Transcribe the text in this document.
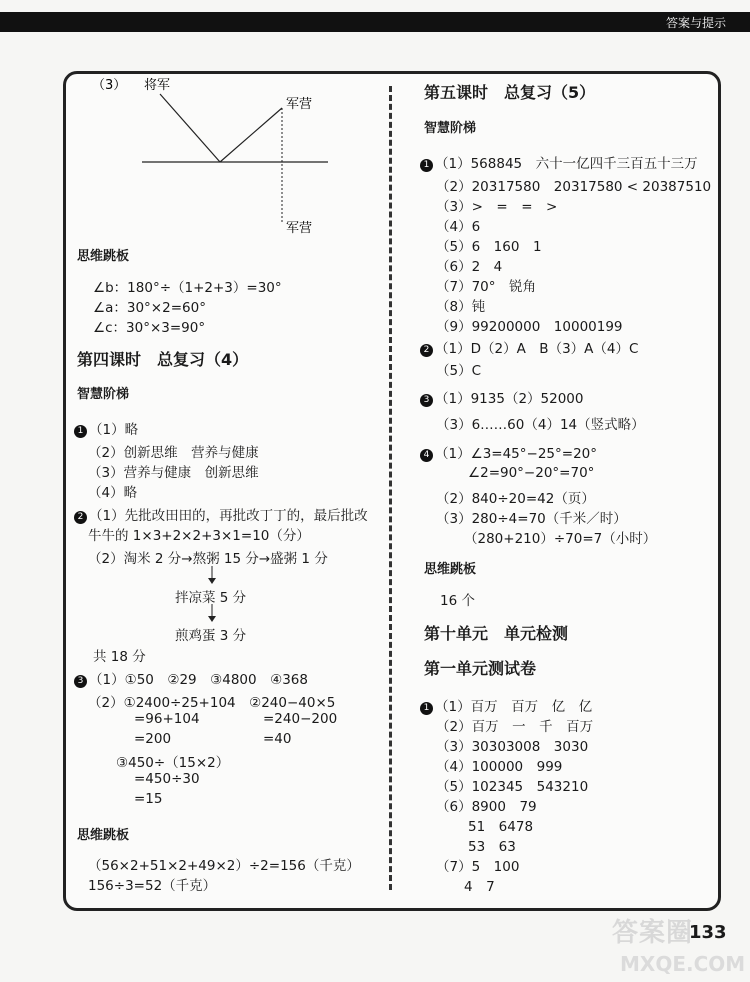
答案与提示
（3） 将军
军营
军营
思维跳板
∠b：180°÷（1+2+3）=30°
∠a：30°×2=60°
∠c：30°×3=90°
第四课时　总复习（4）
智慧阶梯
1 （1）略
（2）创新思维　营养与健康
（3）营养与健康　创新思维
（4）略
2 （1）先批改田田的，再批改丁丁的，最后批改
牛牛的 1×3+2×2+3×1=10（分）
（2）淘米 2 分→熬粥 15 分→盛粥 1 分
拌凉菜 5 分
煎鸡蛋 3 分
共 18 分
3 （1）①50　②29　③4800　④368
（2）①2400÷25+104　②240−40×5
=96+104	=240−200
=200	=40
③450÷（15×2）
=450÷30
=15
思维跳板
（56×2+51×2+49×2）÷2=156（千克）
156÷3=52（千克）
第五课时　总复习（5）
智慧阶梯
1 （1）568845　六十一亿四千三百五十三万
（2）20317580　20317580 < 20387510
（3）>　=　=　>
（4）6
（5）6　160　1
（6）2　4
（7）70°　锐角
（8）钝
（9）99200000　10000199
2 （1）D（2）A　B（3）A（4）C
（5）C
3 （1）9135（2）52000
（3）6……60（4）14（竖式略）
4 （1）∠3=45°−25°=20°
∠2=90°−20°=70°
（2）840÷20=42（页）
（3）280÷4=70（千米／时）
（280+210）÷70=7（小时）
思维跳板
16 个
第十单元　单元检测
第一单元测试卷
1 （1）百万　百万　亿　亿
（2）百万　一　千　百万
（3）30303008　3030
（4）100000　999
（5）102345　543210
（6）8900　79
51　6478
53　63
（7）5　100
4　7
答案圈
MXQE.COM
133
